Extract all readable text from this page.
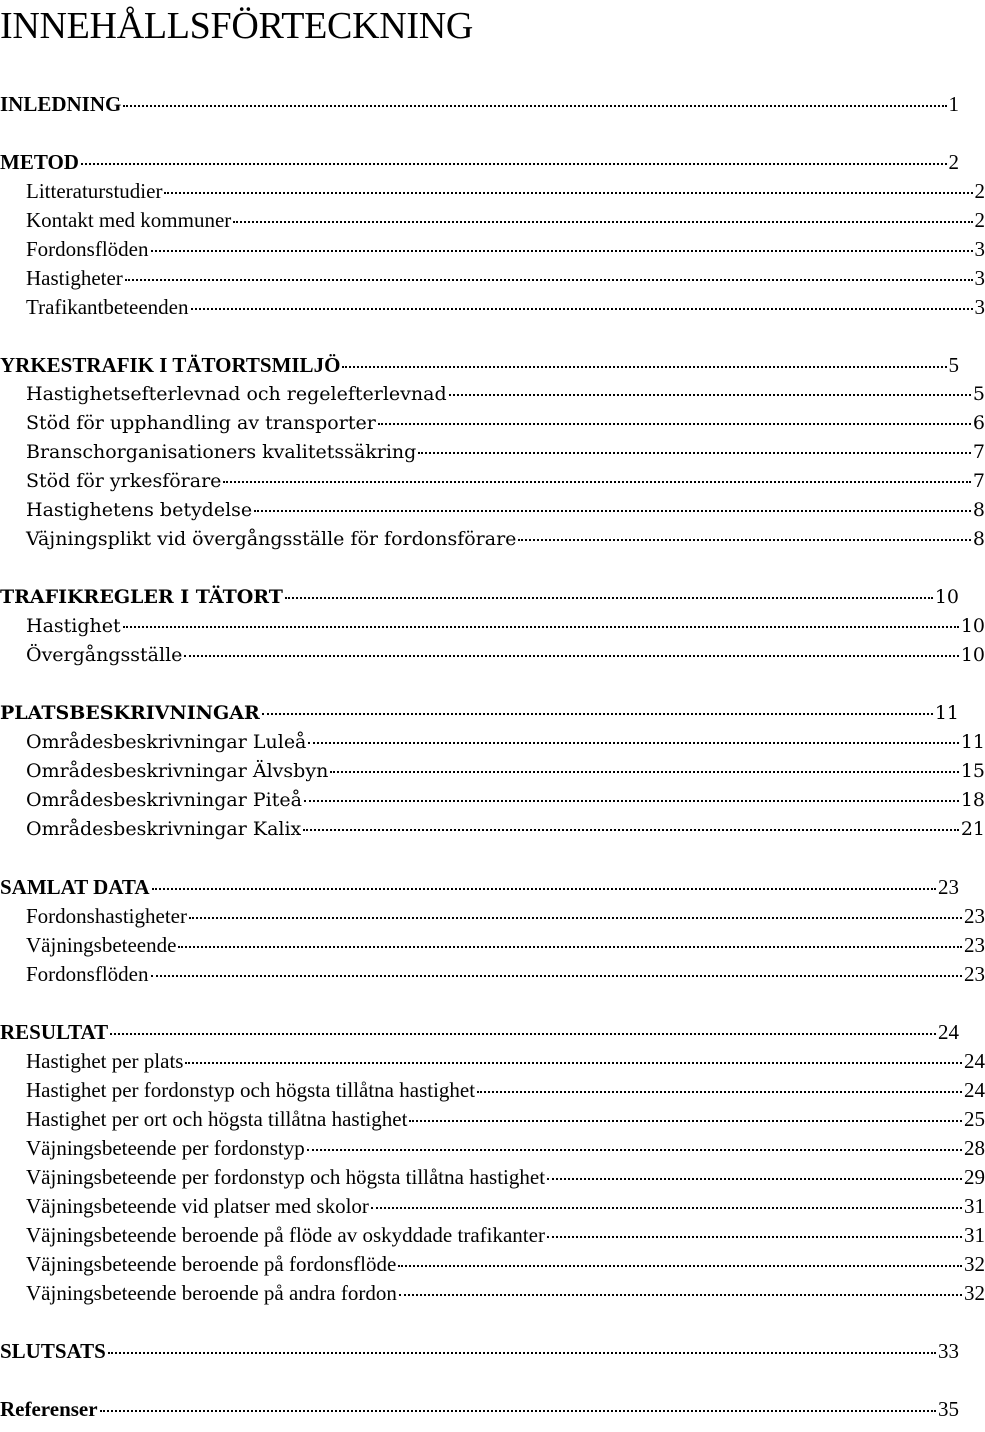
INNEHÅLLSFÖRTECKNING
INLEDNING	1
METOD	2
Litteraturstudier	2
Kontakt med kommuner	2
Fordonsflöden	3
Hastigheter	3
Trafikantbeteenden	3
YRKESTRAFIK I TÄTORTSMILJÖ	5
Hastighetsefterlevnad och regelefterlevnad	5
Stöd för upphandling av transporter	6
Branschorganisationers kvalitetssäkring	7
Stöd för yrkesförare	7
Hastighetens betydelse	8
Väjningsplikt vid övergångsställe för fordonsförare	8
TRAFIKREGLER I TÄTORT	10
Hastighet	10
Övergångsställe	10
PLATSBESKRIVNINGAR	11
Områdesbeskrivningar Luleå	11
Områdesbeskrivningar Älvsbyn	15
Områdesbeskrivningar Piteå	18
Områdesbeskrivningar Kalix	21
SAMLAT DATA	23
Fordonshastigheter	23
Väjningsbeteende	23
Fordonsflöden	23
RESULTAT	24
Hastighet per plats	24
Hastighet per fordonstyp och högsta tillåtna hastighet	24
Hastighet per ort och högsta tillåtna hastighet	25
Väjningsbeteende per fordonstyp	28
Väjningsbeteende per fordonstyp och högsta tillåtna hastighet	29
Väjningsbeteende vid platser med skolor	31
Väjningsbeteende beroende på flöde av oskyddade trafikanter	31
Väjningsbeteende beroende på fordonsflöde	32
Väjningsbeteende beroende på andra fordon	32
SLUTSATS	33
Referenser	35
